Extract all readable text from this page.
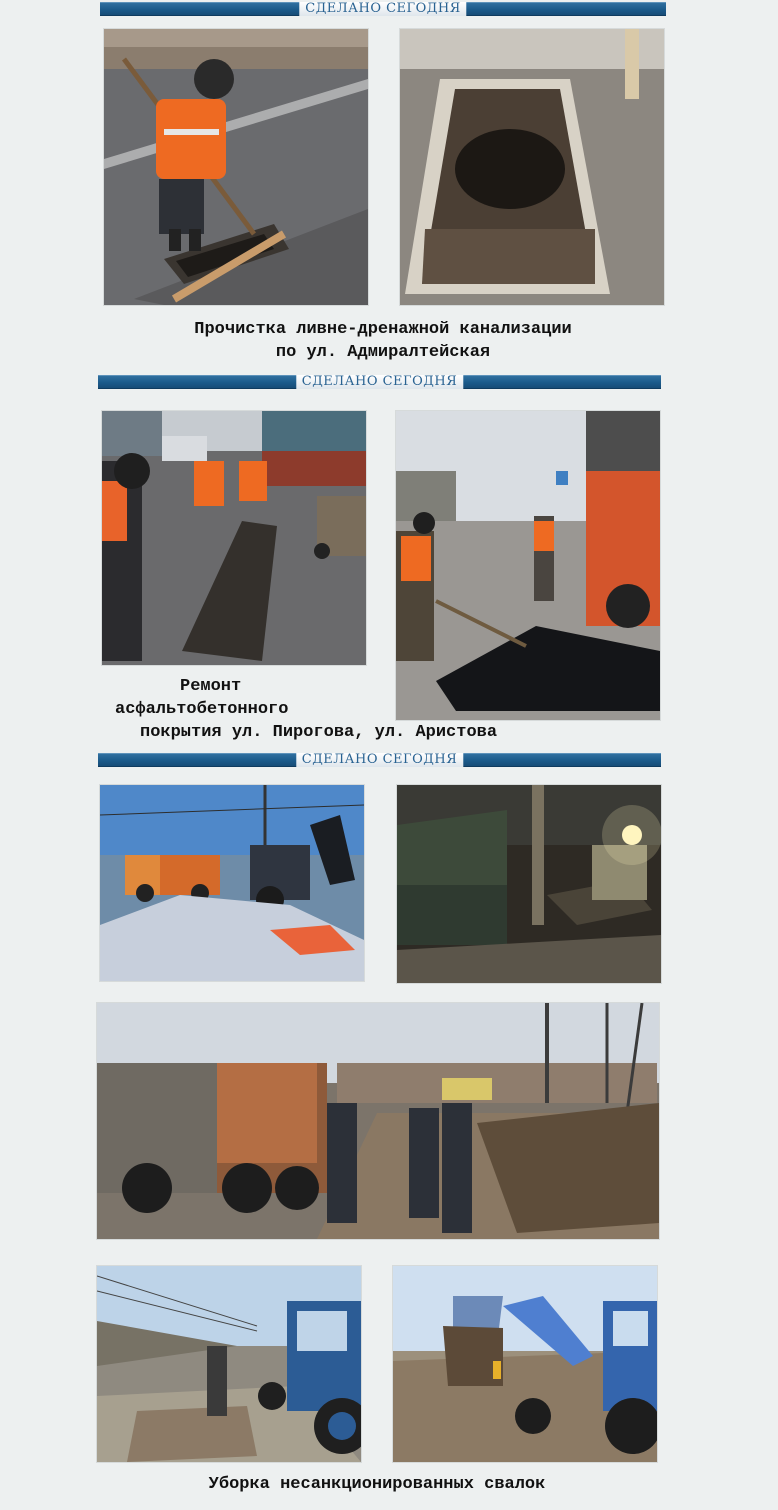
СДЕЛАНО СЕГОДНЯ
Прочистка ливне-дренажной канализации
по ул. Адмиралтейская
СДЕЛАНО СЕГОДНЯ
Ремонт
асфальтобетонного
покрытия ул. Пирогова, ул. Аристова
СДЕЛАНО СЕГОДНЯ
Уборка несанкционированных свалок
